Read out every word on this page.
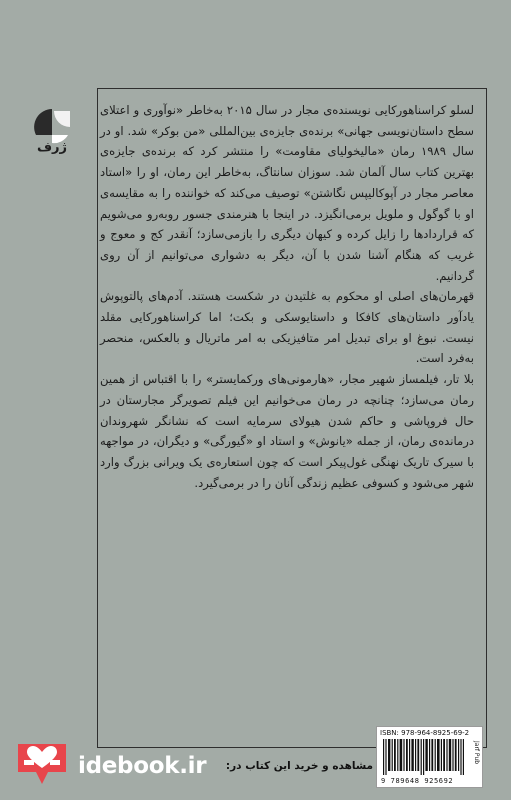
ژرف

لسلو کراسناهورکایی نویسنده‌ی مجار در سال ۲۰۱۵ به‌خاطر «نوآوری و اعتلای سطح داستان‌نویسی جهانی» برنده‌ی جایزه‌ی بین‌المللی «من بوکر» شد. او در سال ۱۹۸۹ رمان «مالیخولیای مقاومت» را منتشر کرد که برنده‌ی جایزه‌ی بهترین کتاب سال آلمان شد. سوزان سانتاگ، به‌خاطر این رمان، او را «استاد معاصر مجار در آپوکالیپس نگاشتن» توصیف می‌کند که خواننده را به مقایسه‌ی او با گوگول و ملویل برمی‌انگیزد. در اینجا با هنرمندی جسور روبه‌رو می‌شویم که قراردادها را زایل کرده و کیهان دیگری را بازمی‌سازد؛ آنقدر کج و معوج و غریب که هنگام آشنا شدن با آن، دیگر به دشواری می‌توانیم از آن روی گردانیم.

قهرمان‌های اصلی او محکوم به غلتیدن در شکست هستند. آدم‌های پالتوپوش یادآور داستان‌های کافکا و داستایوسکی و بکت؛ اما کراسناهورکایی مقلد نیست. نبوغ او برای تبدیل امر متافیزیکی به امر ماتریال و بالعکس، منحصر به‌فرد است.

بلا تار، فیلمساز شهیر مجار، «هارمونی‌های ورکمایستر» را با اقتباس از همین رمان می‌سازد؛ چنانچه در رمان می‌خوانیم این فیلم تصویرگر مجارستان در حال فروپاشی و حاکم شدن هیولای سرمایه است که نشانگر شهروندان درمانده‌ی رمان، از جمله «یانوش» و استاد او «گیورگی» و دیگران، در مواجهه با سیرک تاریک نهنگی غول‌پیکر است که چون استعاره‌ی یک ویرانی بزرگ وارد شهر می‌شود و کسوفی عظیم زندگی آنان را در برمی‌گیرد.

ISBN: 978-964-8925-69-2
Jarf Pub
9 789648 925692
idebook.ir	مشاهده و خرید این کتاب در:
